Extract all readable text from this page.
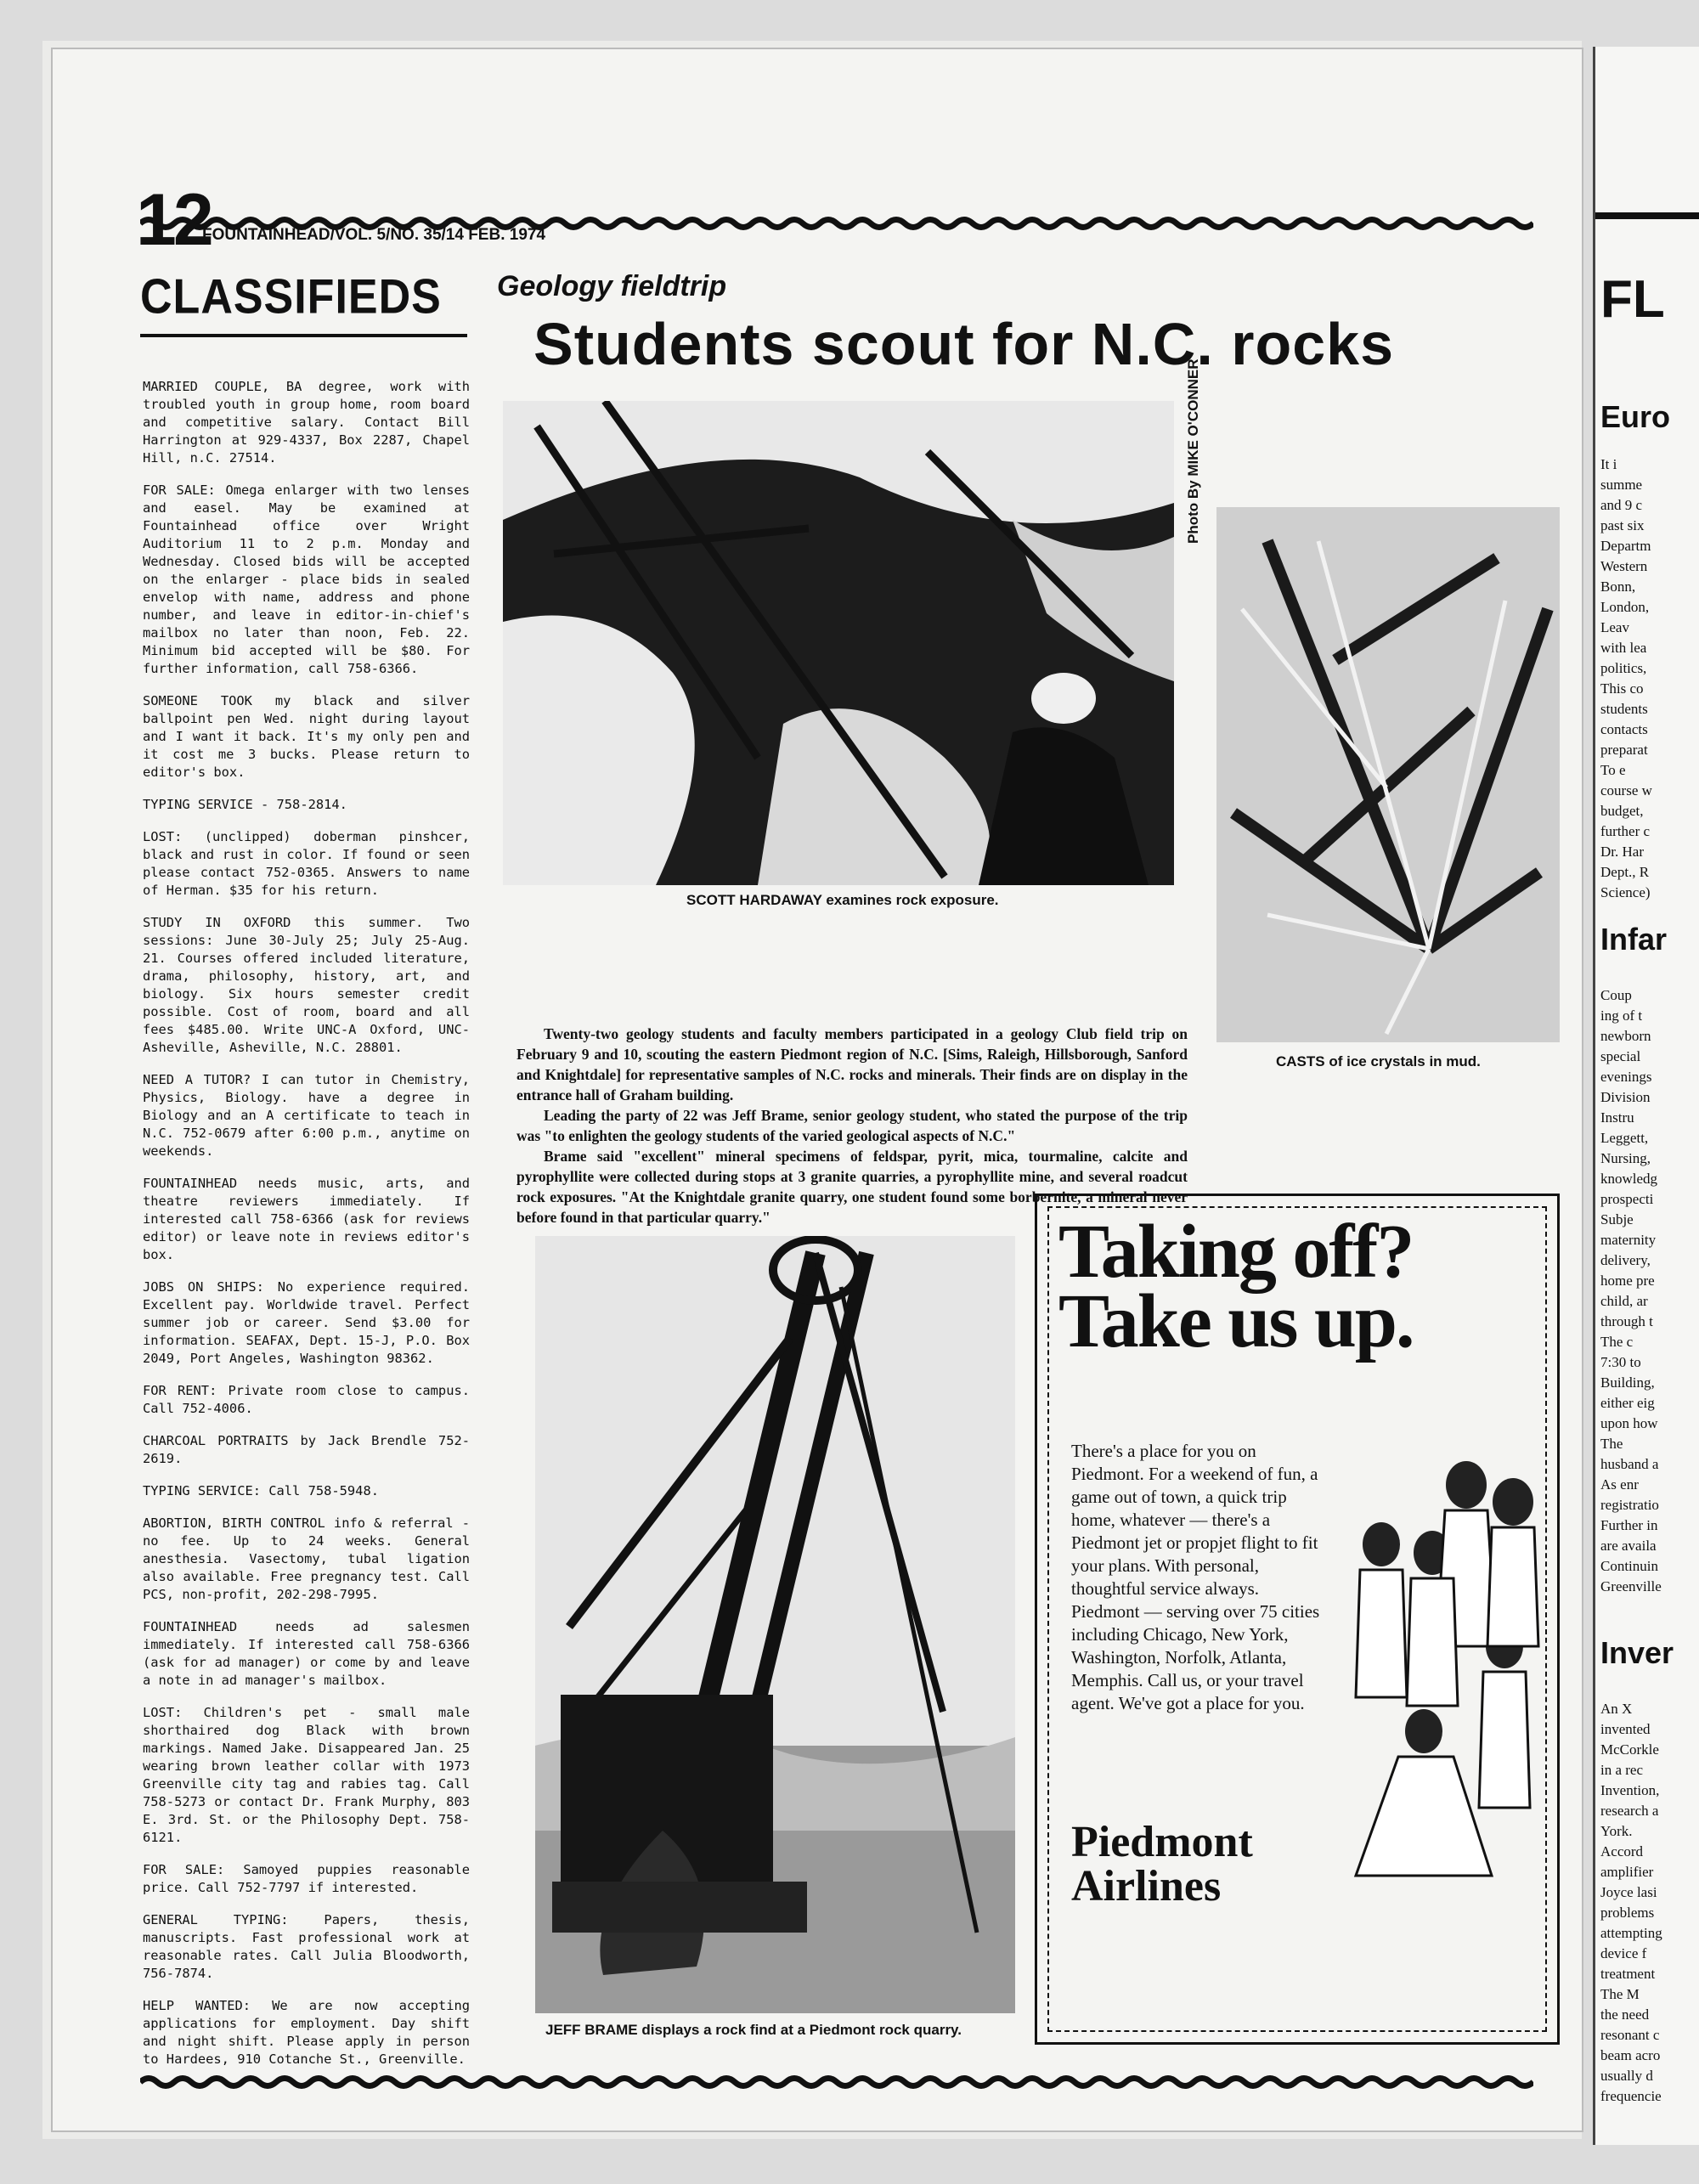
12
FOUNTAINHEAD/VOL. 5/NO. 35/14 FEB. 1974
CLASSIFIEDS

MARRIED COUPLE, BA degree, work with troubled youth in group home, room board and competitive salary. Contact Bill Harrington at 929-4337, Box 2287, Chapel Hill, n.C. 27514.

FOR SALE: Omega enlarger with two lenses and easel. May be examined at Fountainhead office over Wright Auditorium 11 to 2 p.m. Monday and Wednesday. Closed bids will be accepted on the enlarger - place bids in sealed envelop with name, address and phone number, and leave in editor-in-chief's mailbox no later than noon, Feb. 22. Minimum bid accepted will be $80. For further information, call 758-6366.

SOMEONE TOOK my black and silver ballpoint pen Wed. night during layout and I want it back. It's my only pen and it cost me 3 bucks. Please return to editor's box.

TYPING SERVICE - 758-2814.

LOST: (unclipped) doberman pinshcer, black and rust in color. If found or seen please contact 752-0365. Answers to name of Herman. $35 for his return.

STUDY IN OXFORD this summer. Two sessions: June 30-July 25; July 25-Aug. 21. Courses offered included literature, drama, philosophy, history, art, and biology. Six hours semester credit possible. Cost of room, board and all fees $485.00. Write UNC-A Oxford, UNC-Asheville, Asheville, N.C. 28801.

NEED A TUTOR? I can tutor in Chemistry, Physics, Biology. have a degree in Biology and an A certificate to teach in N.C. 752-0679 after 6:00 p.m., anytime on weekends.

FOUNTAINHEAD needs music, arts, and theatre reviewers immediately. If interested call 758-6366 (ask for reviews editor) or leave note in reviews editor's box.

JOBS ON SHIPS: No experience required. Excellent pay. Worldwide travel. Perfect summer job or career. Send $3.00 for information. SEAFAX, Dept. 15-J, P.O. Box 2049, Port Angeles, Washington 98362.

FOR RENT: Private room close to campus. Call 752-4006.

CHARCOAL PORTRAITS by Jack Brendle 752-2619.

TYPING SERVICE: Call 758-5948.

ABORTION, BIRTH CONTROL info & referral - no fee. Up to 24 weeks. General anesthesia. Vasectomy, tubal ligation also available. Free pregnancy test. Call PCS, non-profit, 202-298-7995.

FOUNTAINHEAD needs ad salesmen immediately. If interested call 758-6366 (ask for ad manager) or come by and leave a note in ad manager's mailbox.

LOST: Children's pet - small male shorthaired dog Black with brown markings. Named Jake. Disappeared Jan. 25 wearing brown leather collar with 1973 Greenville city tag and rabies tag. Call 758-5273 or contact Dr. Frank Murphy, 803 E. 3rd. St. or the Philosophy Dept. 758-6121.

FOR SALE: Samoyed puppies reasonable price. Call 752-7797 if interested.

GENERAL TYPING: Papers, thesis, manuscripts. Fast professional work at reasonable rates. Call Julia Bloodworth, 756-7874.

HELP WANTED: We are now accepting applications for employment. Day shift and night shift. Please apply in person to Hardees, 910 Cotanche St., Greenville.

Geology fieldtrip
Students scout for N.C. rocks
SCOTT HARDAWAY examines rock exposure.
Photo By MIKE O'CONNER
CASTS of ice crystals in mud.

Twenty-two geology students and faculty members participated in a geology Club field trip on February 9 and 10, scouting the eastern Piedmont region of N.C. [Sims, Raleigh, Hillsborough, Sanford and Knightdale] for representative samples of N.C. rocks and minerals. Their finds are on display in the entrance hall of Graham building.

Leading the party of 22 was Jeff Brame, senior geology student, who stated the purpose of the trip was "to enlighten the geology students of the varied geological aspects of N.C."

Brame said "excellent" mineral specimens of feldspar, pyrit, mica, tourmaline, calcite and pyrophyllite were collected during stops at 3 granite quarries, a pyrophyllite mine, and several roadcut rock exposures. "At the Knightdale granite quarry, one student found some borbernite, a mineral never before found in that particular quarry."

JEFF BRAME displays a rock find at a Piedmont rock quarry.
Taking off?
Take us up.
There's a place for you on Piedmont. For a weekend of fun, a game out of town, a quick trip home, whatever — there's a Piedmont jet or propjet flight to fit your plans. With personal, thoughtful service always. Piedmont — serving over 75 cities including Chicago, New York, Washington, Norfolk, Atlanta, Memphis. Call us, or your travel agent. We've got a place for you.
Piedmont
Airlines
FL
Euro
It i
summe
and 9 c
past six
Departm
Western
Bonn,
London,
Leav
with lea
politics,
This co
students
contacts
preparat
To e
course w
budget,
further c
Dr. Har
Dept., R
Science)
Infar
Coup
ing of t
newborn
special
evenings
Division
Instru
Leggett,
Nursing,
knowledg
prospecti
Subje
maternity
delivery,
home pre
child, ar
through t
The c
7:30 to
Building,
either eig
upon how
The
husband a
As enr
registratio
Further in
are availa
Continuin
Greenville
Inver
An X
invented
McCorkle
in a rec
Invention,
research a
York.
Accord
amplifier
Joyce lasi
problems
attempting
device f
treatment
The M
the need
resonant c
beam acro
usually d
frequencie
